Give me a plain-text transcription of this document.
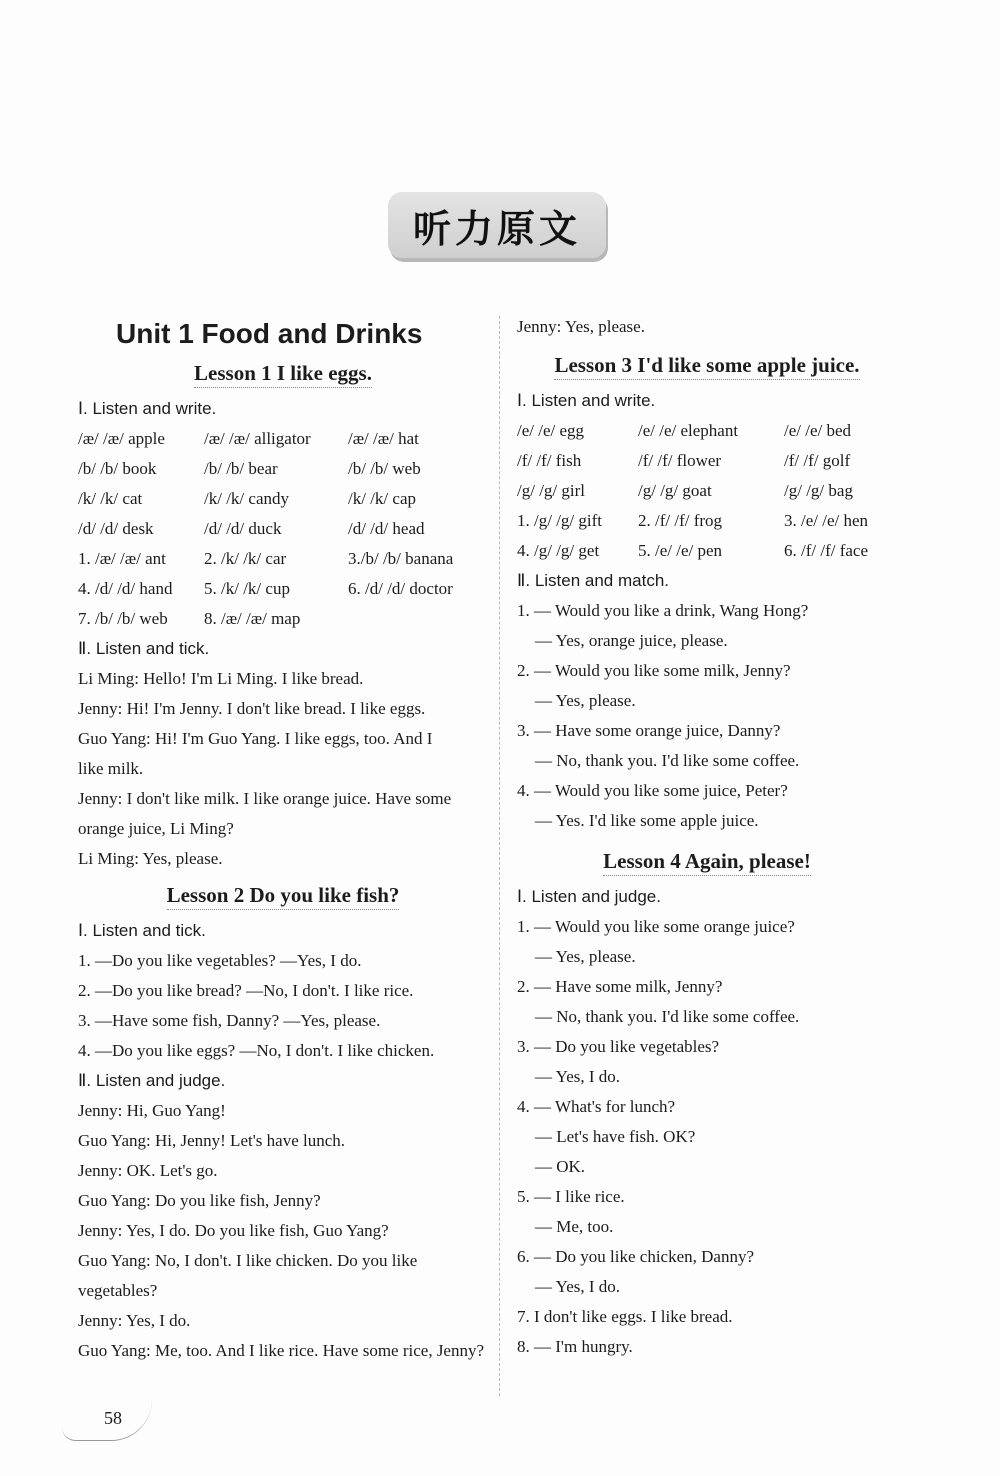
听力原文
Unit 1 Food and Drinks
Lesson 1 I like eggs.
Ⅰ. Listen and write.
/æ/ /æ/ apple	/æ/ /æ/ alligator	/æ/ /æ/ hat
/b/ /b/ book	/b/ /b/ bear	/b/ /b/ web
/k/ /k/ cat	/k/ /k/ candy	/k/ /k/ cap
/d/ /d/ desk	/d/ /d/ duck	/d/ /d/ head
1. /æ/ /æ/ ant	2. /k/ /k/ car	3./b/ /b/ banana
4. /d/ /d/ hand	5. /k/ /k/ cup	6. /d/ /d/ doctor
7. /b/ /b/ web	8. /æ/ /æ/ map
Ⅱ. Listen and tick.
Li Ming: Hello! I'm Li Ming. I like bread.
Jenny: Hi! I'm Jenny. I don't like bread. I like eggs.
Guo Yang: Hi! I'm Guo Yang. I like eggs, too. And I
like milk.
Jenny: I don't like milk. I like orange juice. Have some
orange juice, Li Ming?
Li Ming: Yes, please.
Lesson 2 Do you like fish?
Ⅰ. Listen and tick.
1. —Do you like vegetables? —Yes, I do.
2. —Do you like bread? —No, I don't. I like rice.
3. —Have some fish, Danny? —Yes, please.
4. —Do you like eggs? —No, I don't. I like chicken.
Ⅱ. Listen and judge.
Jenny: Hi, Guo Yang!
Guo Yang: Hi, Jenny! Let's have lunch.
Jenny: OK. Let's go.
Guo Yang: Do you like fish, Jenny?
Jenny: Yes, I do. Do you like fish, Guo Yang?
Guo Yang: No, I don't. I like chicken. Do you like
vegetables?
Jenny: Yes, I do.
Guo Yang: Me, too. And I like rice. Have some rice, Jenny?
Jenny: Yes, please.
Lesson 3 I'd like some apple juice.
Ⅰ. Listen and write.
/e/ /e/ egg	/e/ /e/ elephant	/e/ /e/ bed
/f/ /f/ fish	/f/ /f/ flower	/f/ /f/ golf
/g/ /g/ girl	/g/ /g/ goat	/g/ /g/ bag
1. /g/ /g/ gift	2. /f/ /f/ frog	3. /e/ /e/ hen
4. /g/ /g/ get	5. /e/ /e/ pen	6. /f/ /f/ face
Ⅱ. Listen and match.
1. — Would you like a drink, Wang Hong?
— Yes, orange juice, please.
2. — Would you like some milk, Jenny?
— Yes, please.
3. — Have some orange juice, Danny?
— No, thank you. I'd like some coffee.
4. — Would you like some juice, Peter?
— Yes. I'd like some apple juice.
Lesson 4 Again, please!
Ⅰ. Listen and judge.
1. — Would you like some orange juice?
— Yes, please.
2. — Have some milk, Jenny?
— No, thank you. I'd like some coffee.
3. — Do you like vegetables?
— Yes, I do.
4. — What's for lunch?
— Let's have fish. OK?
— OK.
5. — I like rice.
— Me, too.
6. — Do you like chicken, Danny?
— Yes, I do.
7. I don't like eggs. I like bread.
8. — I'm hungry.
58
